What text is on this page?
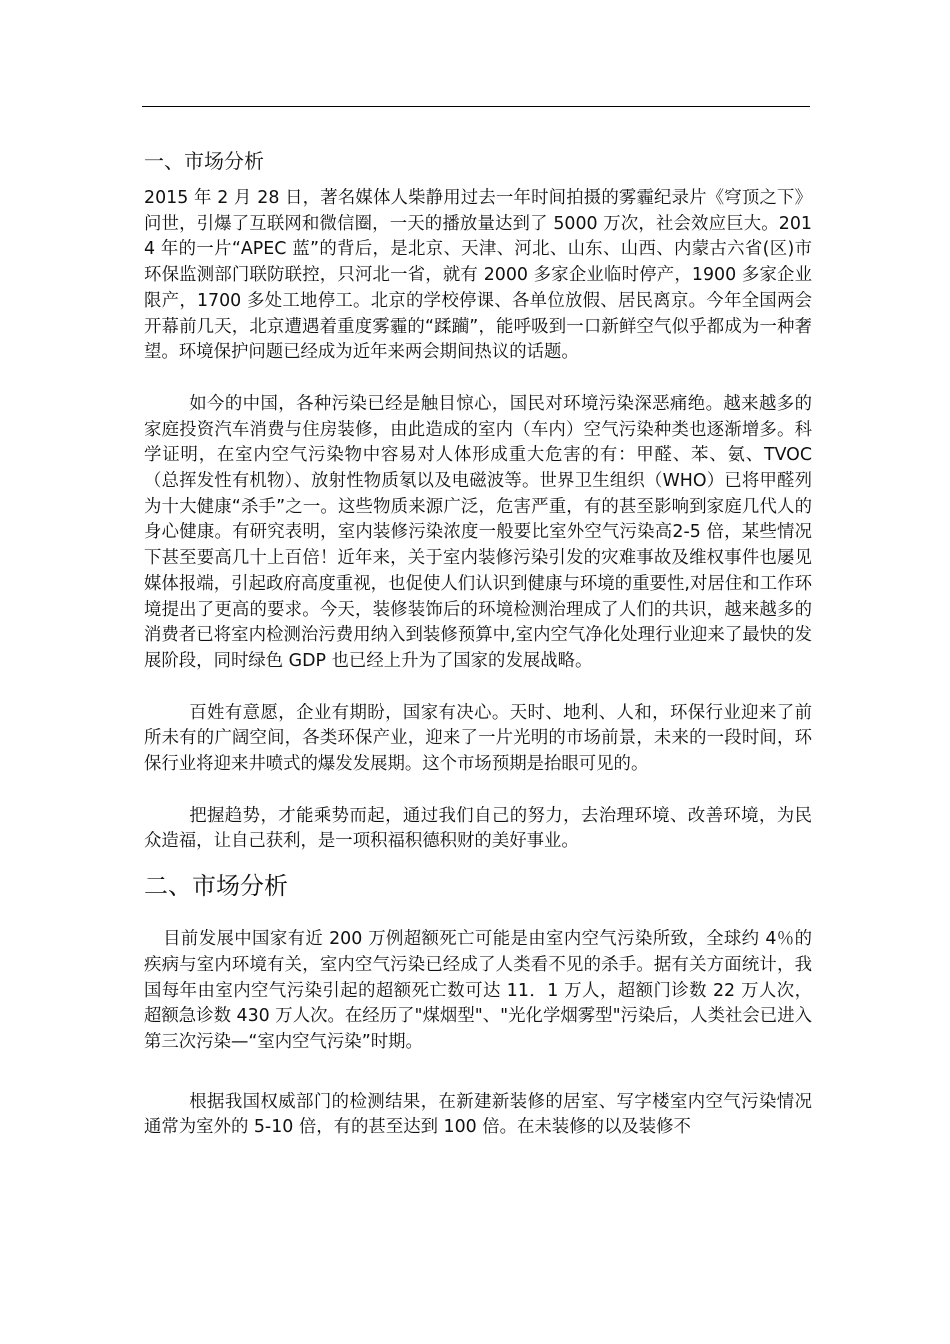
一、市场分析

2015 年 2 月 28 日，著名媒体人柴静用过去一年时间拍摄的雾霾纪录片《穹顶之下》问世，引爆了互联网和微信圈，一天的播放量达到了 5000 万次，社会效应巨大。2014 年的一片“APEC 蓝”的背后，是北京、天津、河北、山东、山西、内蒙古六省(区)市环保监测部门联防联控，只河北一省，就有 2000 多家企业临时停产，1900 多家企业限产，1700 多处工地停工。北京的学校停课、各单位放假、居民离京。今年全国两会开幕前几天，北京遭遇着重度雾霾的“蹂躏”，能呼吸到一口新鲜空气似乎都成为一种奢望。环境保护问题已经成为近年来两会期间热议的话题。

如今的中国，各种污染已经是触目惊心，国民对环境污染深恶痛绝。越来越多的家庭投资汽车消费与住房装修，由此造成的室内（车内）空气污染种类也逐渐增多。科学证明，在室内空气污染物中容易对人体形成重大危害的有：甲醛、苯、氨、TVOC（总挥发性有机物）、放射性物质氡以及电磁波等。世界卫生组织（WHO）已将甲醛列为十大健康“杀手”之一。这些物质来源广泛，危害严重，有的甚至影响到家庭几代人的身心健康。有研究表明，室内装修污染浓度一般要比室外空气污染高2-5 倍，某些情况下甚至要高几十上百倍！近年来，关于室内装修污染引发的灾难事故及维权事件也屡见媒体报端，引起政府高度重视，也促使人们认识到健康与环境的重要性,对居住和工作环境提出了更高的要求。今天，装修装饰后的环境检测治理成了人们的共识，越来越多的消费者已将室内检测治污费用纳入到装修预算中,室内空气净化处理行业迎来了最快的发展阶段，同时绿色 GDP 也已经上升为了国家的发展战略。

百姓有意愿，企业有期盼，国家有决心。天时、地利、人和，环保行业迎来了前所未有的广阔空间，各类环保产业，迎来了一片光明的市场前景，未来的一段时间，环保行业将迎来井喷式的爆发发展期。这个市场预期是抬眼可见的。

把握趋势，才能乘势而起，通过我们自己的努力，去治理环境、改善环境，为民众造福，让自己获利，是一项积福积德积财的美好事业。

二、市场分析

目前发展中国家有近 200 万例超额死亡可能是由室内空气污染所致，全球约 4％的疾病与室内环境有关，室内空气污染已经成了人类看不见的杀手。据有关方面统计，我国每年由室内空气污染引起的超额死亡数可达 11．1 万人，超额门诊数 22 万人次，超额急诊数 430 万人次。在经历了"煤烟型"、"光化学烟雾型"污染后，人类社会已进入第三次污染—“室内空气污染”时期。

根据我国权威部门的检测结果，在新建新装修的居室、写字楼室内空气污染情况通常为室外的 5-10 倍，有的甚至达到 100 倍。在未装修的以及装修不
